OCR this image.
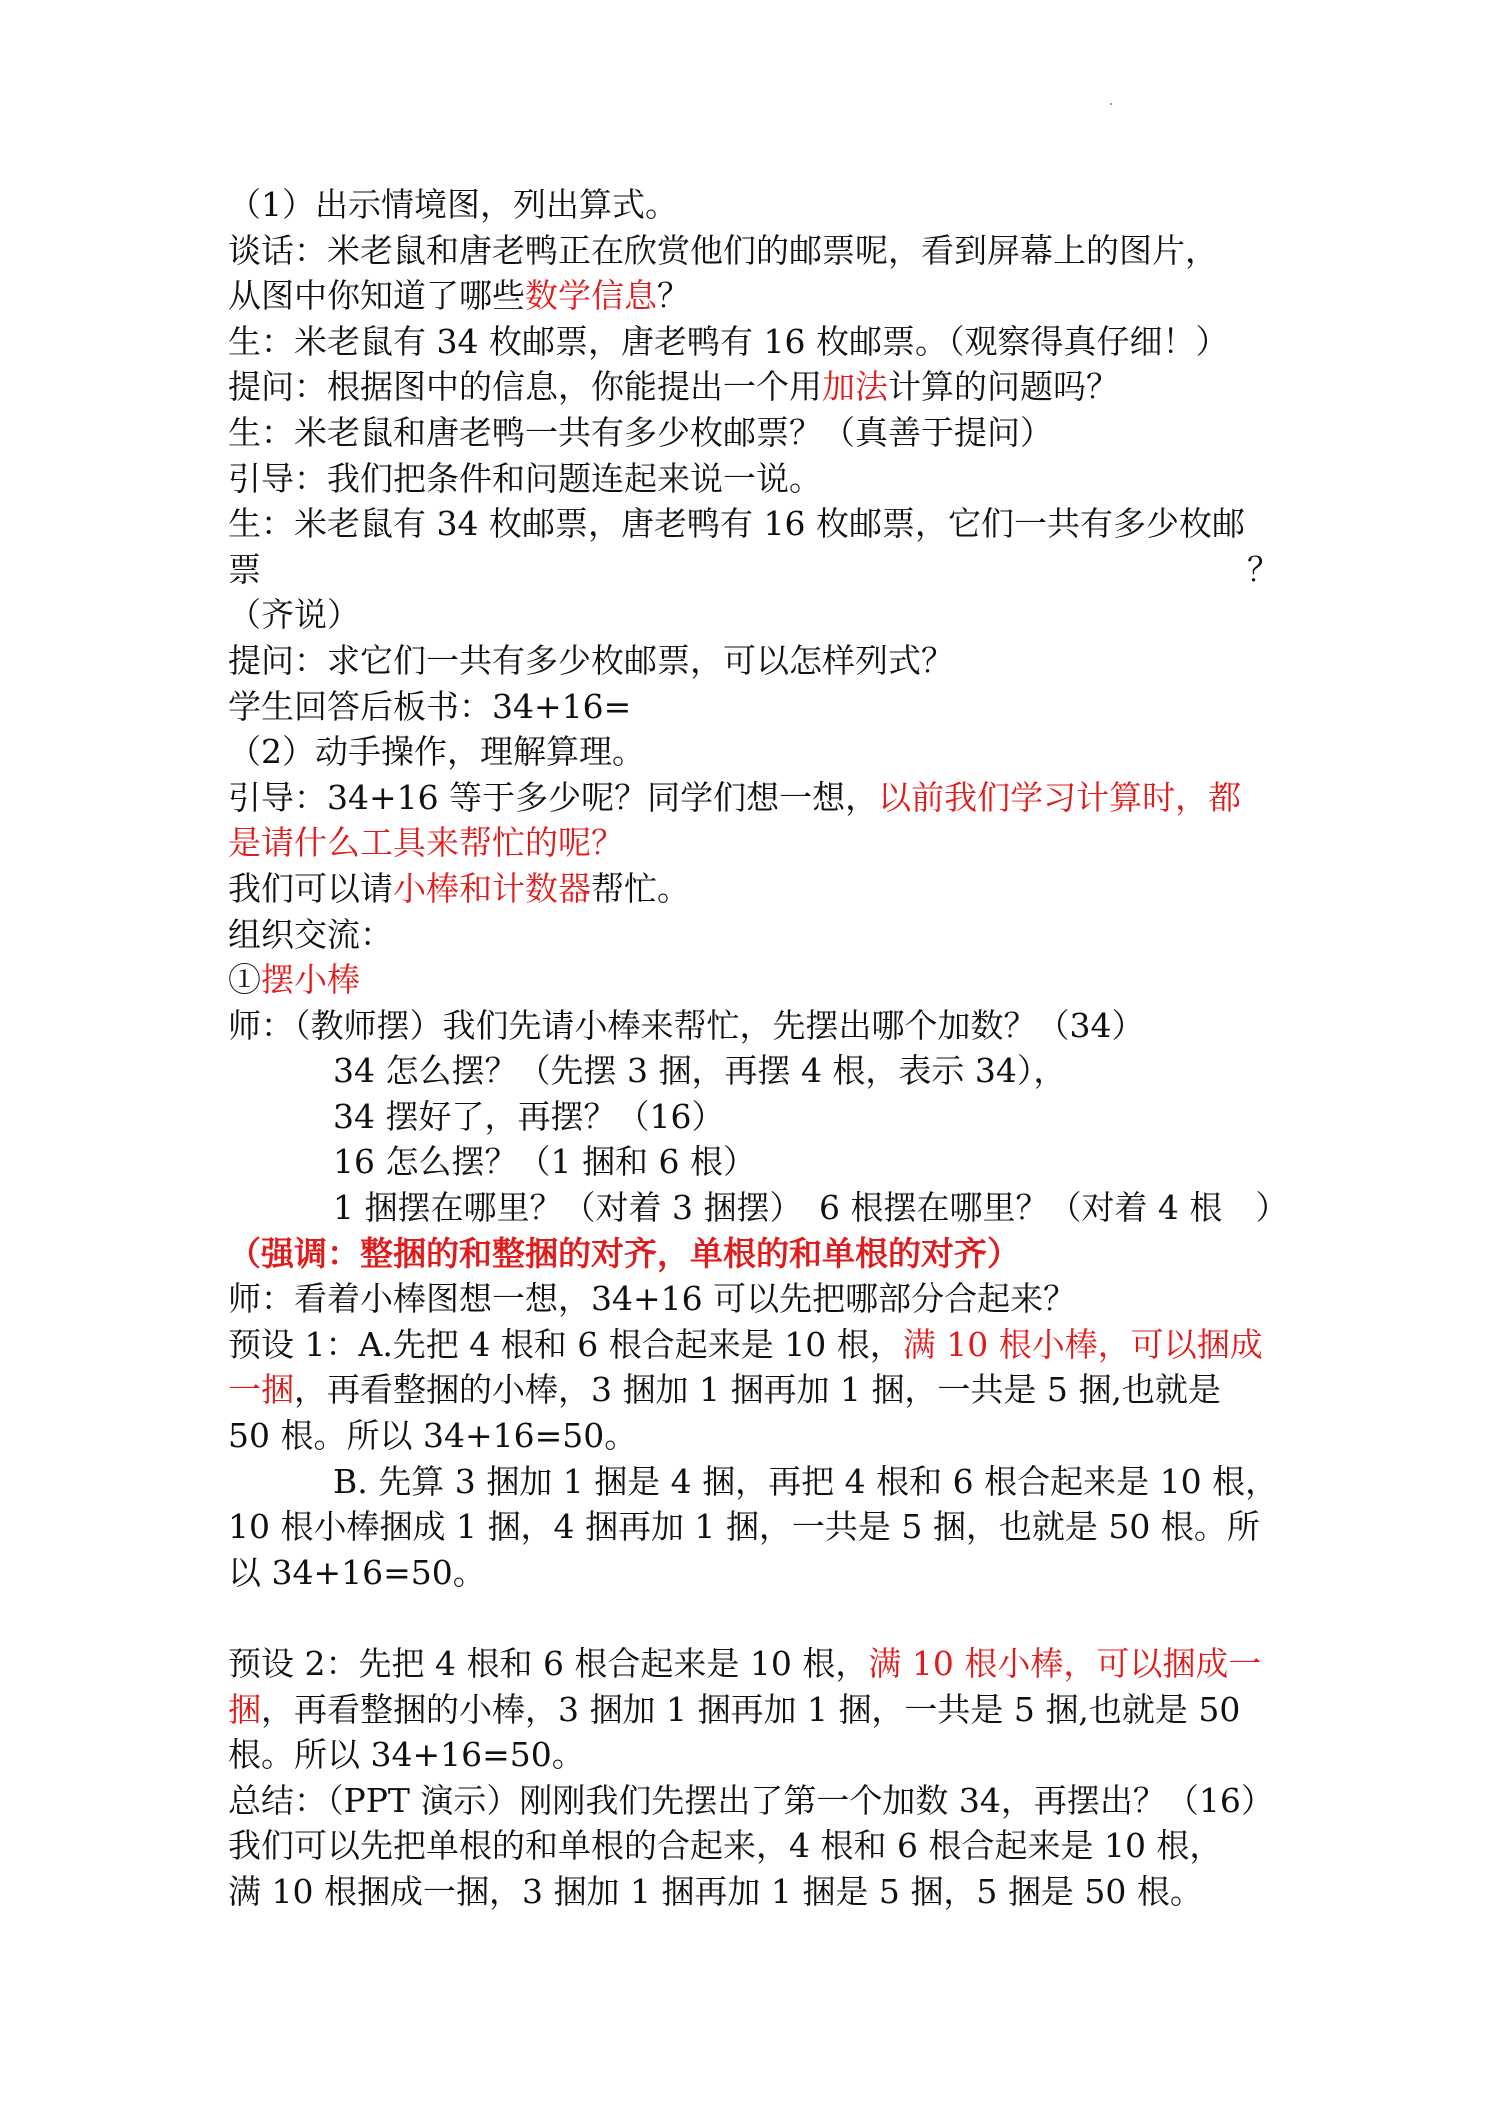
（1）出示情境图，列出算式。
谈话：米老鼠和唐老鸭正在欣赏他们的邮票呢，看到屏幕上的图片，
从图中你知道了哪些数学信息？
生：米老鼠有 34 枚邮票，唐老鸭有 16 枚邮票。（观察得真仔细！）
提问：根据图中的信息，你能提出一个用加法计算的问题吗？
生：米老鼠和唐老鸭一共有多少枚邮票？（真善于提问）
引导：我们把条件和问题连起来说一说。
生：米老鼠有 34 枚邮票，唐老鸭有 16 枚邮票，它们一共有多少枚邮
票	？
（齐说）
提问：求它们一共有多少枚邮票，可以怎样列式？
学生回答后板书：34+16=
（2）动手操作，理解算理。
引导：34+16 等于多少呢？同学们想一想，以前我们学习计算时，都
是请什么工具来帮忙的呢？
我们可以请小棒和计数器帮忙。
组织交流：
①摆小棒
师：（教师摆）我们先请小棒来帮忙，先摆出哪个加数？（34）
34 怎么摆？（先摆 3 捆，再摆 4 根，表示 34），
34 摆好了，再摆？（16）
16 怎么摆？（1 捆和 6 根）
1 捆摆在哪里？（对着 3 捆摆）　6 根摆在哪里？（对着 4 根　）
（强调：整捆的和整捆的对齐，单根的和单根的对齐）
师：看着小棒图想一想，34+16 可以先把哪部分合起来？
预设 1：A.先把 4 根和 6 根合起来是 10 根，满 10 根小棒，可以捆成
一捆，再看整捆的小棒，3 捆加 1 捆再加 1 捆，一共是 5 捆,也就是
50 根。所以 34+16=50。
B. 先算 3 捆加 1 捆是 4 捆，再把 4 根和 6 根合起来是 10 根，
10 根小棒捆成 1 捆，4 捆再加 1 捆，一共是 5 捆，也就是 50 根。所
以 34+16=50。
预设 2：先把 4 根和 6 根合起来是 10 根，满 10 根小棒，可以捆成一
捆，再看整捆的小棒，3 捆加 1 捆再加 1 捆，一共是 5 捆,也就是 50
根。所以 34+16=50。
总结：（PPT 演示）刚刚我们先摆出了第一个加数 34，再摆出？（16）
我们可以先把单根的和单根的合起来，4 根和 6 根合起来是 10 根，
满 10 根捆成一捆，3 捆加 1 捆再加 1 捆是 5 捆，5 捆是 50 根。
